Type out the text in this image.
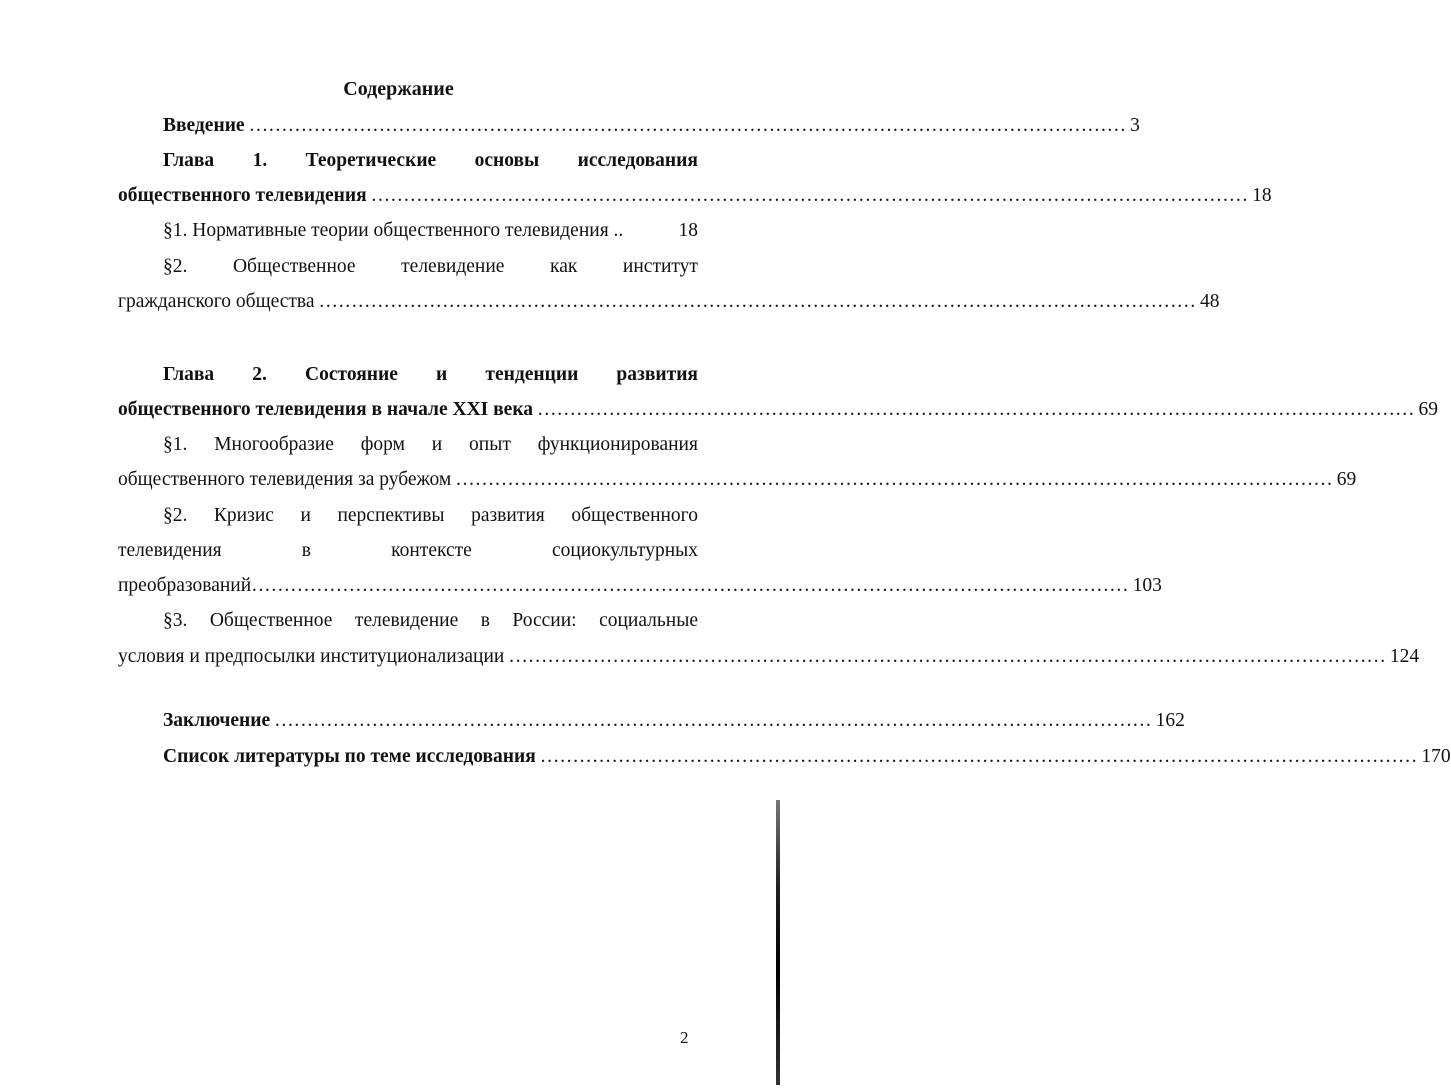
Содержание
Введение ……………………………………………………………………………………………………………………… 3
Глава 1. Теоретические основы исследования
общественного телевидения ……………………………………………………………………………………………………………………… 18
§1. Нормативные теории общественного телевидения ..	18
§2. Общественное телевидение как институт
гражданского общества ……………………………………………………………………………………………………………………… 48
Глава 2. Состояние и тенденции развития
общественного телевидения в начале XXI века ……………………………………………………………………………………………………………………… 69
§1. Многообразие форм и опыт функционирования
общественного телевидения за рубежом ……………………………………………………………………………………………………………………… 69
§2. Кризис и перспективы развития общественного
телевидения	в	контексте	социокультурных
преобразований ……………………………………………………………………………………………………………………… 103
§3. Общественное телевидение в России: социальные
условия и предпосылки институционализации ……………………………………………………………………………………………………………………… 124
Заключение ……………………………………………………………………………………………………………………… 162
Список литературы по теме исследования ……………………………………………………………………………………………………………………… 170
2
